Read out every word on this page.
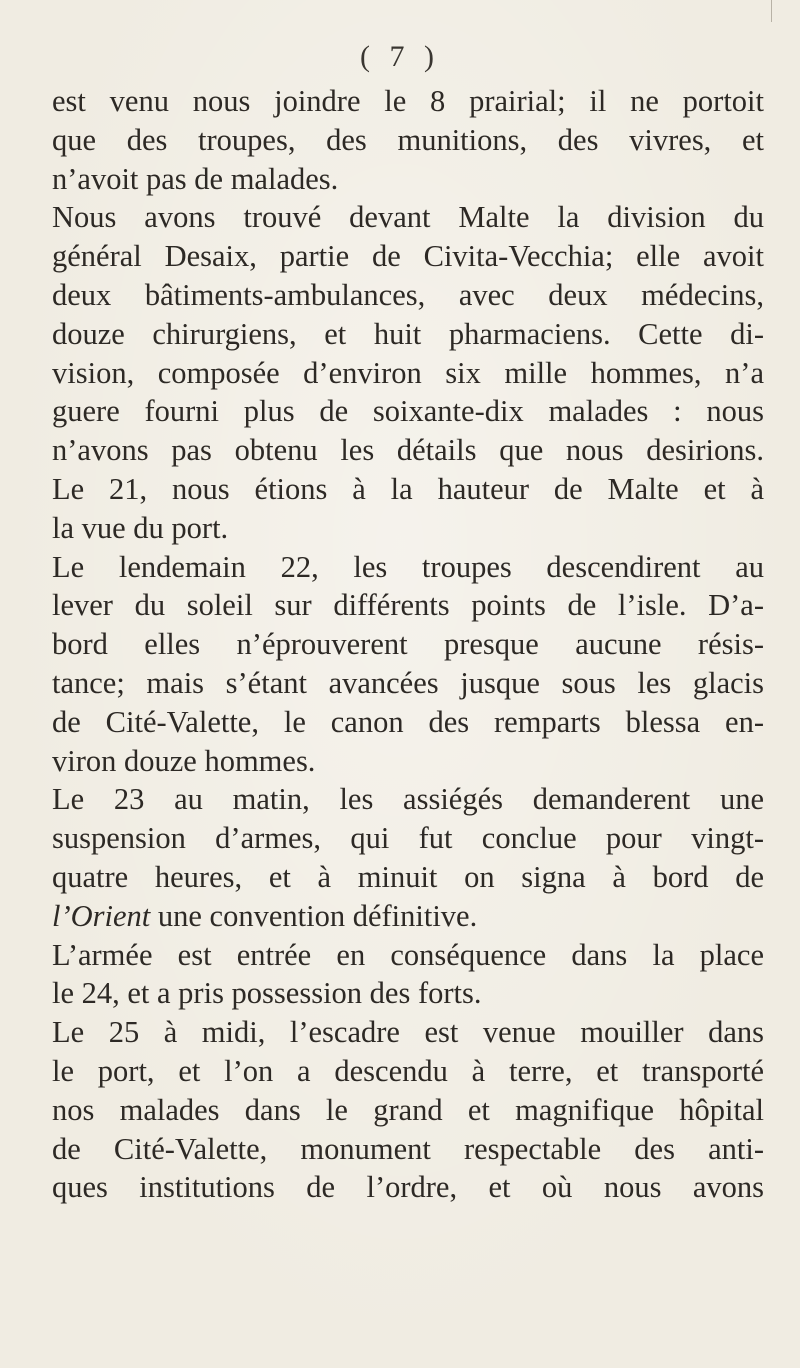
( 7 )
est venu nous joindre le 8 prairial; il ne portoit
que des troupes, des munitions, des vivres, et
n’avoit pas de malades.
Nous avons trouvé devant Malte la division du
général Desaix, partie de Civita-Vecchia; elle avoit
deux bâtiments-ambulances, avec deux médecins,
douze chirurgiens, et huit pharmaciens. Cette di-
vision, composée d’environ six mille hommes, n’a
guere fourni plus de soixante-dix malades : nous
n’avons pas obtenu les détails que nous desirions.
Le 21, nous étions à la hauteur de Malte et à
la vue du port.
Le lendemain 22, les troupes descendirent au
lever du soleil sur différents points de l’isle. D’a-
bord elles n’éprouverent presque aucune résis-
tance; mais s’étant avancées jusque sous les glacis
de Cité-Valette, le canon des remparts blessa en-
viron douze hommes.
Le 23 au matin, les assiégés demanderent une
suspension d’armes, qui fut conclue pour vingt-
quatre heures, et à minuit on signa à bord de
l’Orient une convention définitive.
L’armée est entrée en conséquence dans la place
le 24, et a pris possession des forts.
Le 25 à midi, l’escadre est venue mouiller dans
le port, et l’on a descendu à terre, et transporté
nos malades dans le grand et magnifique hôpital
de Cité-Valette, monument respectable des anti-
ques institutions de l’ordre, et où nous avons
